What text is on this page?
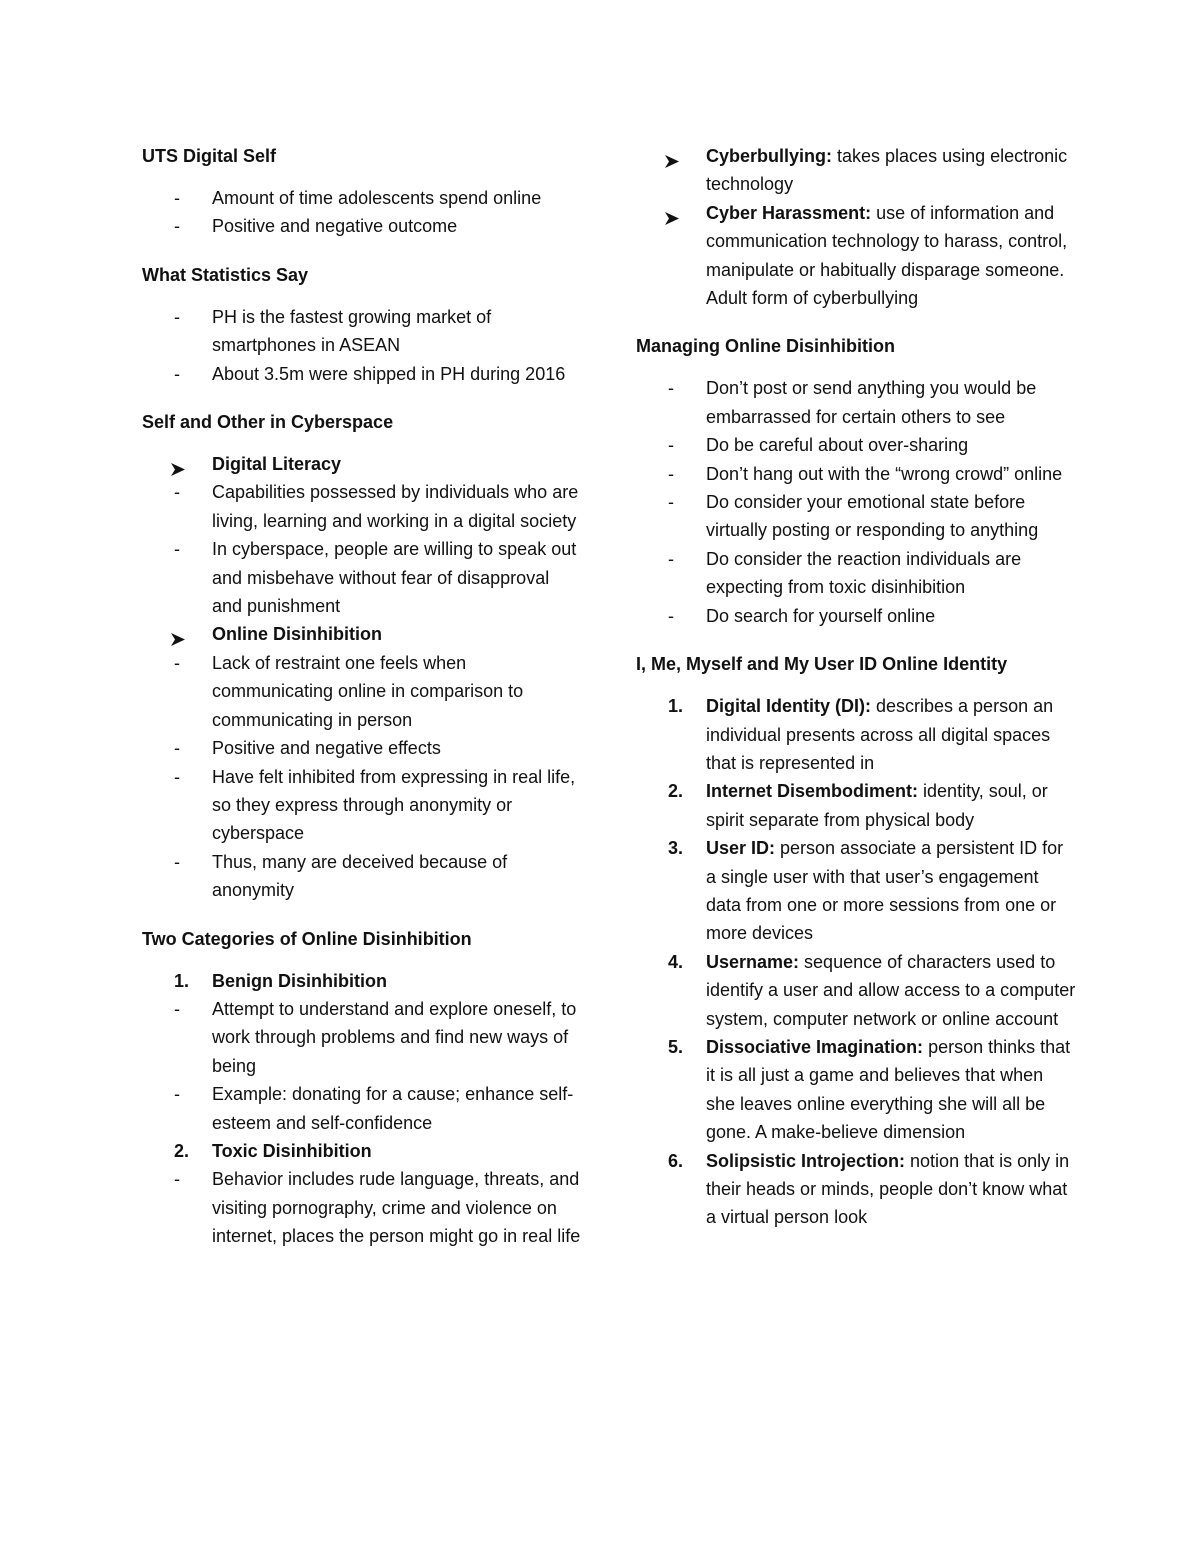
UTS Digital Self
-	Amount of time adolescents spend online
-	Positive and negative outcome
What Statistics Say
-	PH is the fastest growing market of smartphones in ASEAN
-	About 3.5m were shipped in PH during 2016
Self and Other in Cyberspace
Digital Literacy
-	Capabilities possessed by individuals who are living, learning and working in a digital society
-	In cyberspace, people are willing to speak out and misbehave without fear of disapproval and punishment
Online Disinhibition
-	Lack of restraint one feels when communicating online in comparison to communicating in person
-	Positive and negative effects
-	Have felt inhibited from expressing in real life, so they express through anonymity or cyberspace
-	Thus, many are deceived because of anonymity
Two Categories of Online Disinhibition
1.	Benign Disinhibition
-	Attempt to understand and explore oneself, to work through problems and find new ways of being
-	Example: donating for a cause; enhance self-esteem and self-confidence
2.	Toxic Disinhibition
-	Behavior includes rude language, threats, and visiting pornography, crime and violence on internet, places the person might go in real life
Cyberbullying: takes places using electronic technology
Cyber Harassment: use of information and communication technology to harass, control, manipulate or habitually disparage someone. Adult form of cyberbullying
Managing Online Disinhibition
-	Don’t post or send anything you would be embarrassed for certain others to see
-	Do be careful about over-sharing
-	Don’t hang out with the “wrong crowd” online
-	Do consider your emotional state before virtually posting or responding to anything
-	Do consider the reaction individuals are expecting from toxic disinhibition
-	Do search for yourself online
I, Me, Myself and My User ID Online Identity
1.	Digital Identity (DI): describes a person an individual presents across all digital spaces that is represented in
2.	Internet Disembodiment: identity, soul, or spirit separate from physical body
3.	User ID: person associate a persistent ID for a single user with that user’s engagement data from one or more sessions from one or more devices
4.	Username: sequence of characters used to identify a user and allow access to a computer system, computer network or online account
5.	Dissociative Imagination: person thinks that it is all just a game and believes that when she leaves online everything she will all be gone. A make-believe dimension
6.	Solipsistic Introjection: notion that is only in their heads or minds, people don’t know what a virtual person look
